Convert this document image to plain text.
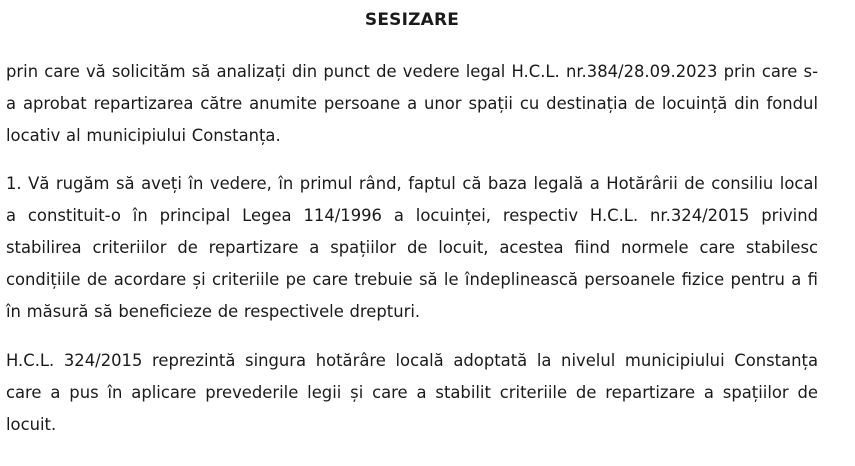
SESIZARE

prin care vă solicităm să analizați din punct de vedere legal H.C.L. nr.384/28.09.2023 prin care s-a aprobat repartizarea către anumite persoane a unor spații cu destinația de locuință din fondul locativ al municipiului Constanța.

1. Vă rugăm să aveți în vedere, în primul rând, faptul că baza legală a Hotărârii de consiliu local a constituit-o în principal Legea 114/1996 a locuinței, respectiv H.C.L. nr.324/2015 privind stabilirea criteriilor de repartizare a spațiilor de locuit, acestea fiind normele care stabilesc condițiile de acordare și criteriile pe care trebuie să le îndeplinească persoanele fizice pentru a fi în măsură să beneficieze de respectivele drepturi.

H.C.L. 324/2015 reprezintă singura hotărâre locală adoptată la nivelul municipiului Constanța care a pus în aplicare prevederile legii și care a stabilit criteriile de repartizare a spațiilor de locuit.
